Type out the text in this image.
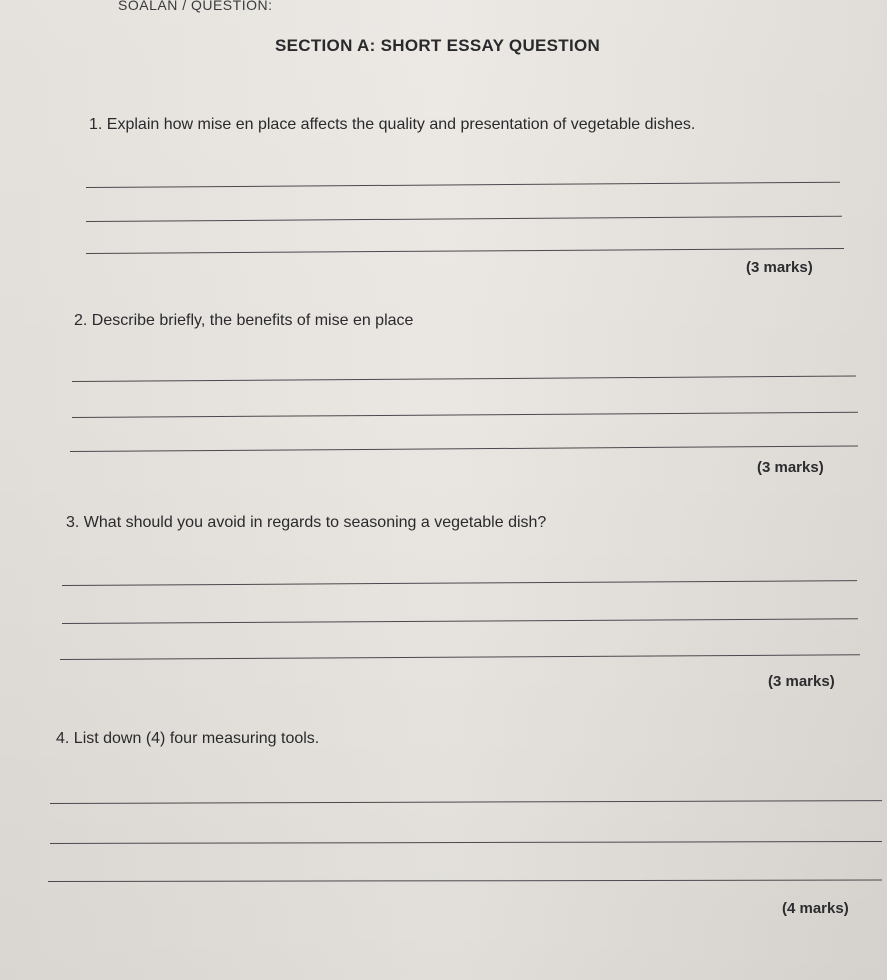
SOALAN / QUESTION:
SECTION A: SHORT ESSAY QUESTION
1. Explain how mise en place affects the quality and presentation of vegetable dishes.
(3 marks)
2. Describe briefly, the benefits of mise en place
(3 marks)
3. What should you avoid in regards to seasoning a vegetable dish?
(3 marks)
4. List down (4) four measuring tools.
(4 marks)
